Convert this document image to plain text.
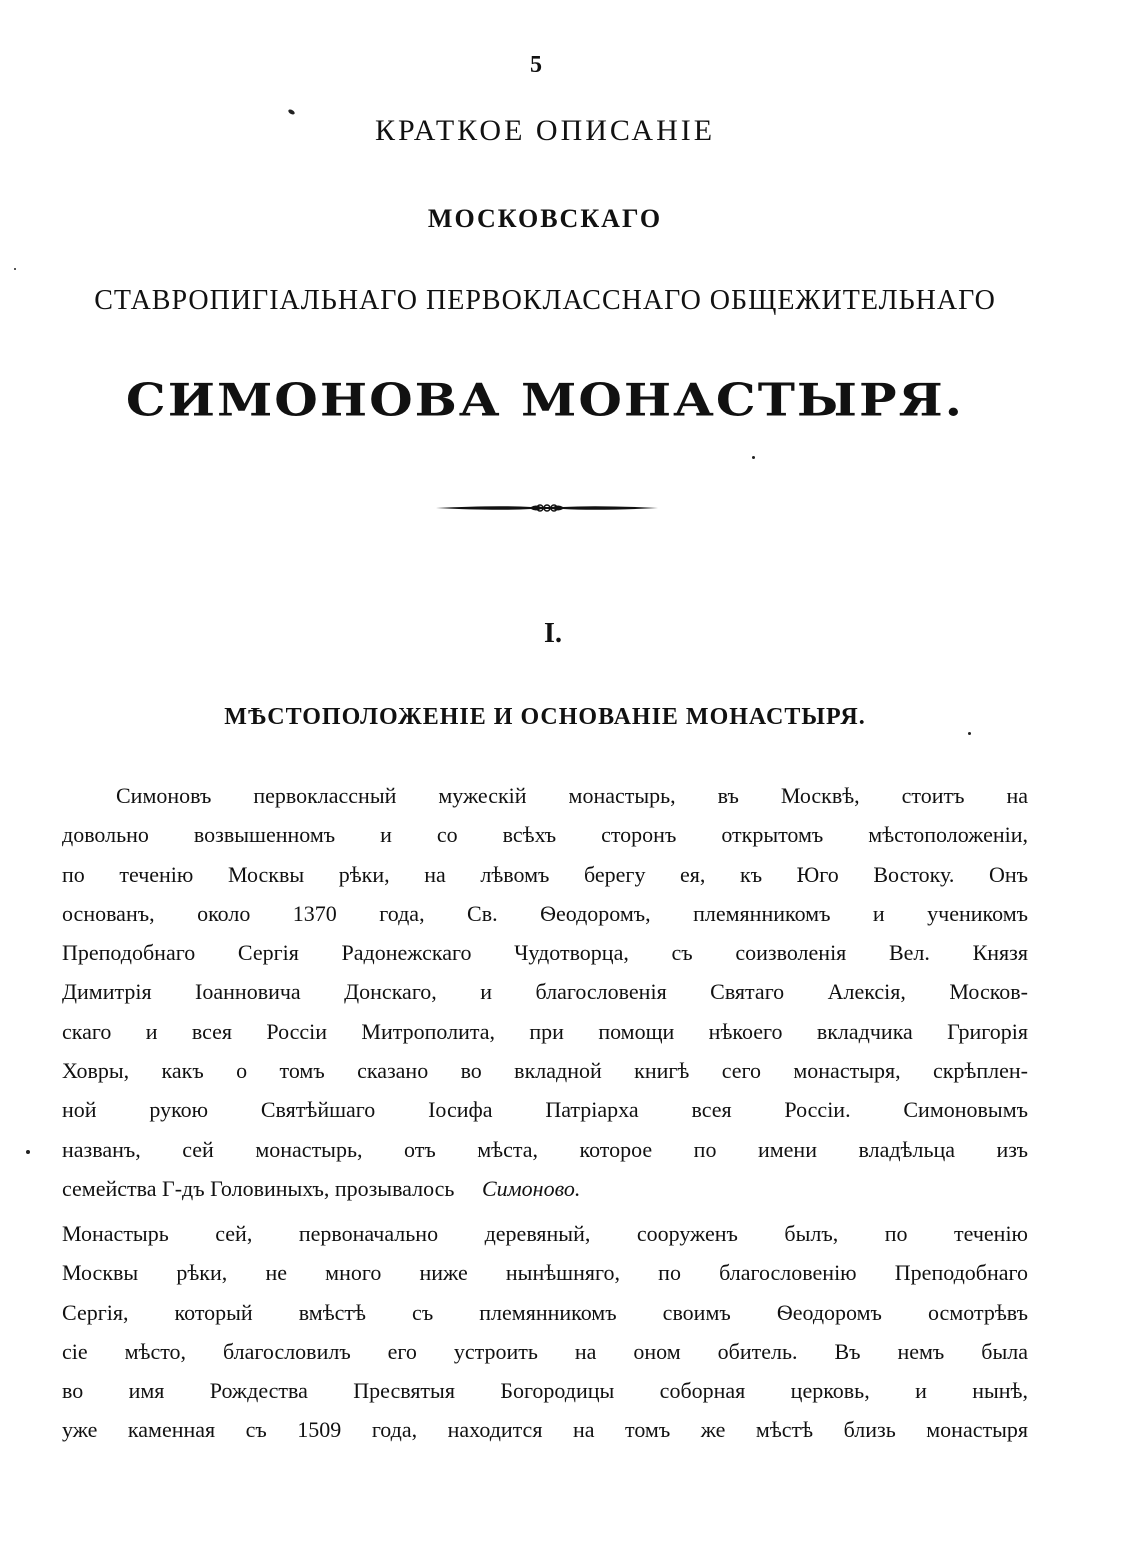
5
КРАТКОЕ ОПИСАНІЕ
МОСКОВСКАГО
СТАВРОПИГІАЛЬНАГО ПЕРВОКЛАССНАГО ОБЩЕЖИТЕЛЬНАГО
СИМОНОВА МОНАСТЫРЯ.
I.
МѢСТОПОЛОЖЕНІЕ И ОСНОВАНІЕ МОНАСТЫРЯ.
Симоновъ первоклассный мужескій монастырь, въ Москвѣ, стоитъ на
довольно возвышенномъ и со всѣхъ сторонъ открытомъ мѣстоположеніи,
по теченію Москвы рѣки, на лѣвомъ берегу ея, къ Юго Востоку. Онъ
основанъ, около 1370 года, Св. Ѳеодоромъ, племянникомъ и ученикомъ
Преподобнаго Сергія Радонежскаго Чудотворца, съ соизволенія Вел. Князя
Димитрія Іоанновича Донскаго, и благословенія Святаго Алексія, Москов-
скаго и всея Россіи Митрополита, при помощи нѣкоего вкладчика Григорія
Ховры, какъ о томъ сказано во вкладной книгѣ сего монастыря, скрѣплен-
ной рукою Святѣйшаго Іосифа Патріарха всея Россіи. Симоновымъ
названъ, сей монастырь, отъ мѣста, которое по имени владѣльца изъ
семейства Г-дъ Головиныхъ, прозывалось  Симоново.
Монастырь сей, первоначально деревяный, сооруженъ былъ, по теченію
Москвы рѣки, не много ниже нынѣшняго, по благословенію Преподобнаго
Сергія, который вмѣстѣ съ племянникомъ своимъ Ѳеодоромъ осмотрѣвъ
сіе мѣсто, благословилъ его устроить на оном обитель. Въ немъ была
во имя Рождества Пресвятыя Богородицы соборная церковь, и нынѣ,
уже каменная съ 1509 года, находится на томъ же мѣстѣ близь монастыря
